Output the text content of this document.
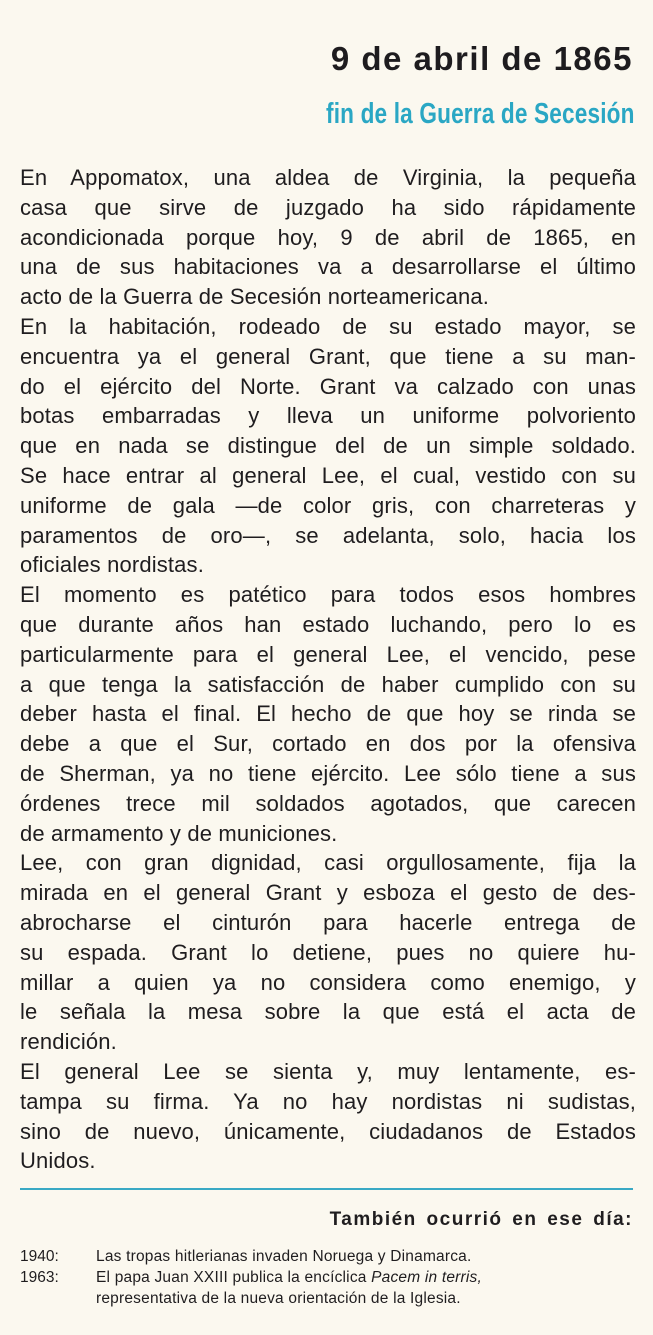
9 de abril de 1865
fin de la Guerra de Secesión
En Appomatox, una aldea de Virginia, la pequeña
casa que sirve de juzgado ha sido rápidamente
acondicionada porque hoy, 9 de abril de 1865, en
una de sus habitaciones va a desarrollarse el último
acto de la Guerra de Secesión norteamericana.
En la habitación, rodeado de su estado mayor, se
encuentra ya el general Grant, que tiene a su man-
do el ejército del Norte. Grant va calzado con unas
botas embarradas y lleva un uniforme polvoriento
que en nada se distingue del de un simple soldado.
Se hace entrar al general Lee, el cual, vestido con su
uniforme de gala —de color gris, con charreteras y
paramentos de oro—, se adelanta, solo, hacia los
oficiales nordistas.
El momento es patético para todos esos hombres
que durante años han estado luchando, pero lo es
particularmente para el general Lee, el vencido, pese
a que tenga la satisfacción de haber cumplido con su
deber hasta el final. El hecho de que hoy se rinda se
debe a que el Sur, cortado en dos por la ofensiva
de Sherman, ya no tiene ejército. Lee sólo tiene a sus
órdenes trece mil soldados agotados, que carecen
de armamento y de municiones.
Lee, con gran dignidad, casi orgullosamente, fija la
mirada en el general Grant y esboza el gesto de des-
abrocharse el cinturón para hacerle entrega de
su espada. Grant lo detiene, pues no quiere hu-
millar a quien ya no considera como enemigo, y
le señala la mesa sobre la que está el acta de
rendición.
El general Lee se sienta y, muy lentamente, es-
tampa su firma. Ya no hay nordistas ni sudistas,
sino de nuevo, únicamente, ciudadanos de Estados
Unidos.
También ocurrió en ese día:
1940:	Las tropas hitlerianas invaden Noruega y Dinamarca.
1963:	El papa Juan XXIII publica la encíclica Pacem in terris,
representativa de la nueva orientación de la Iglesia.
